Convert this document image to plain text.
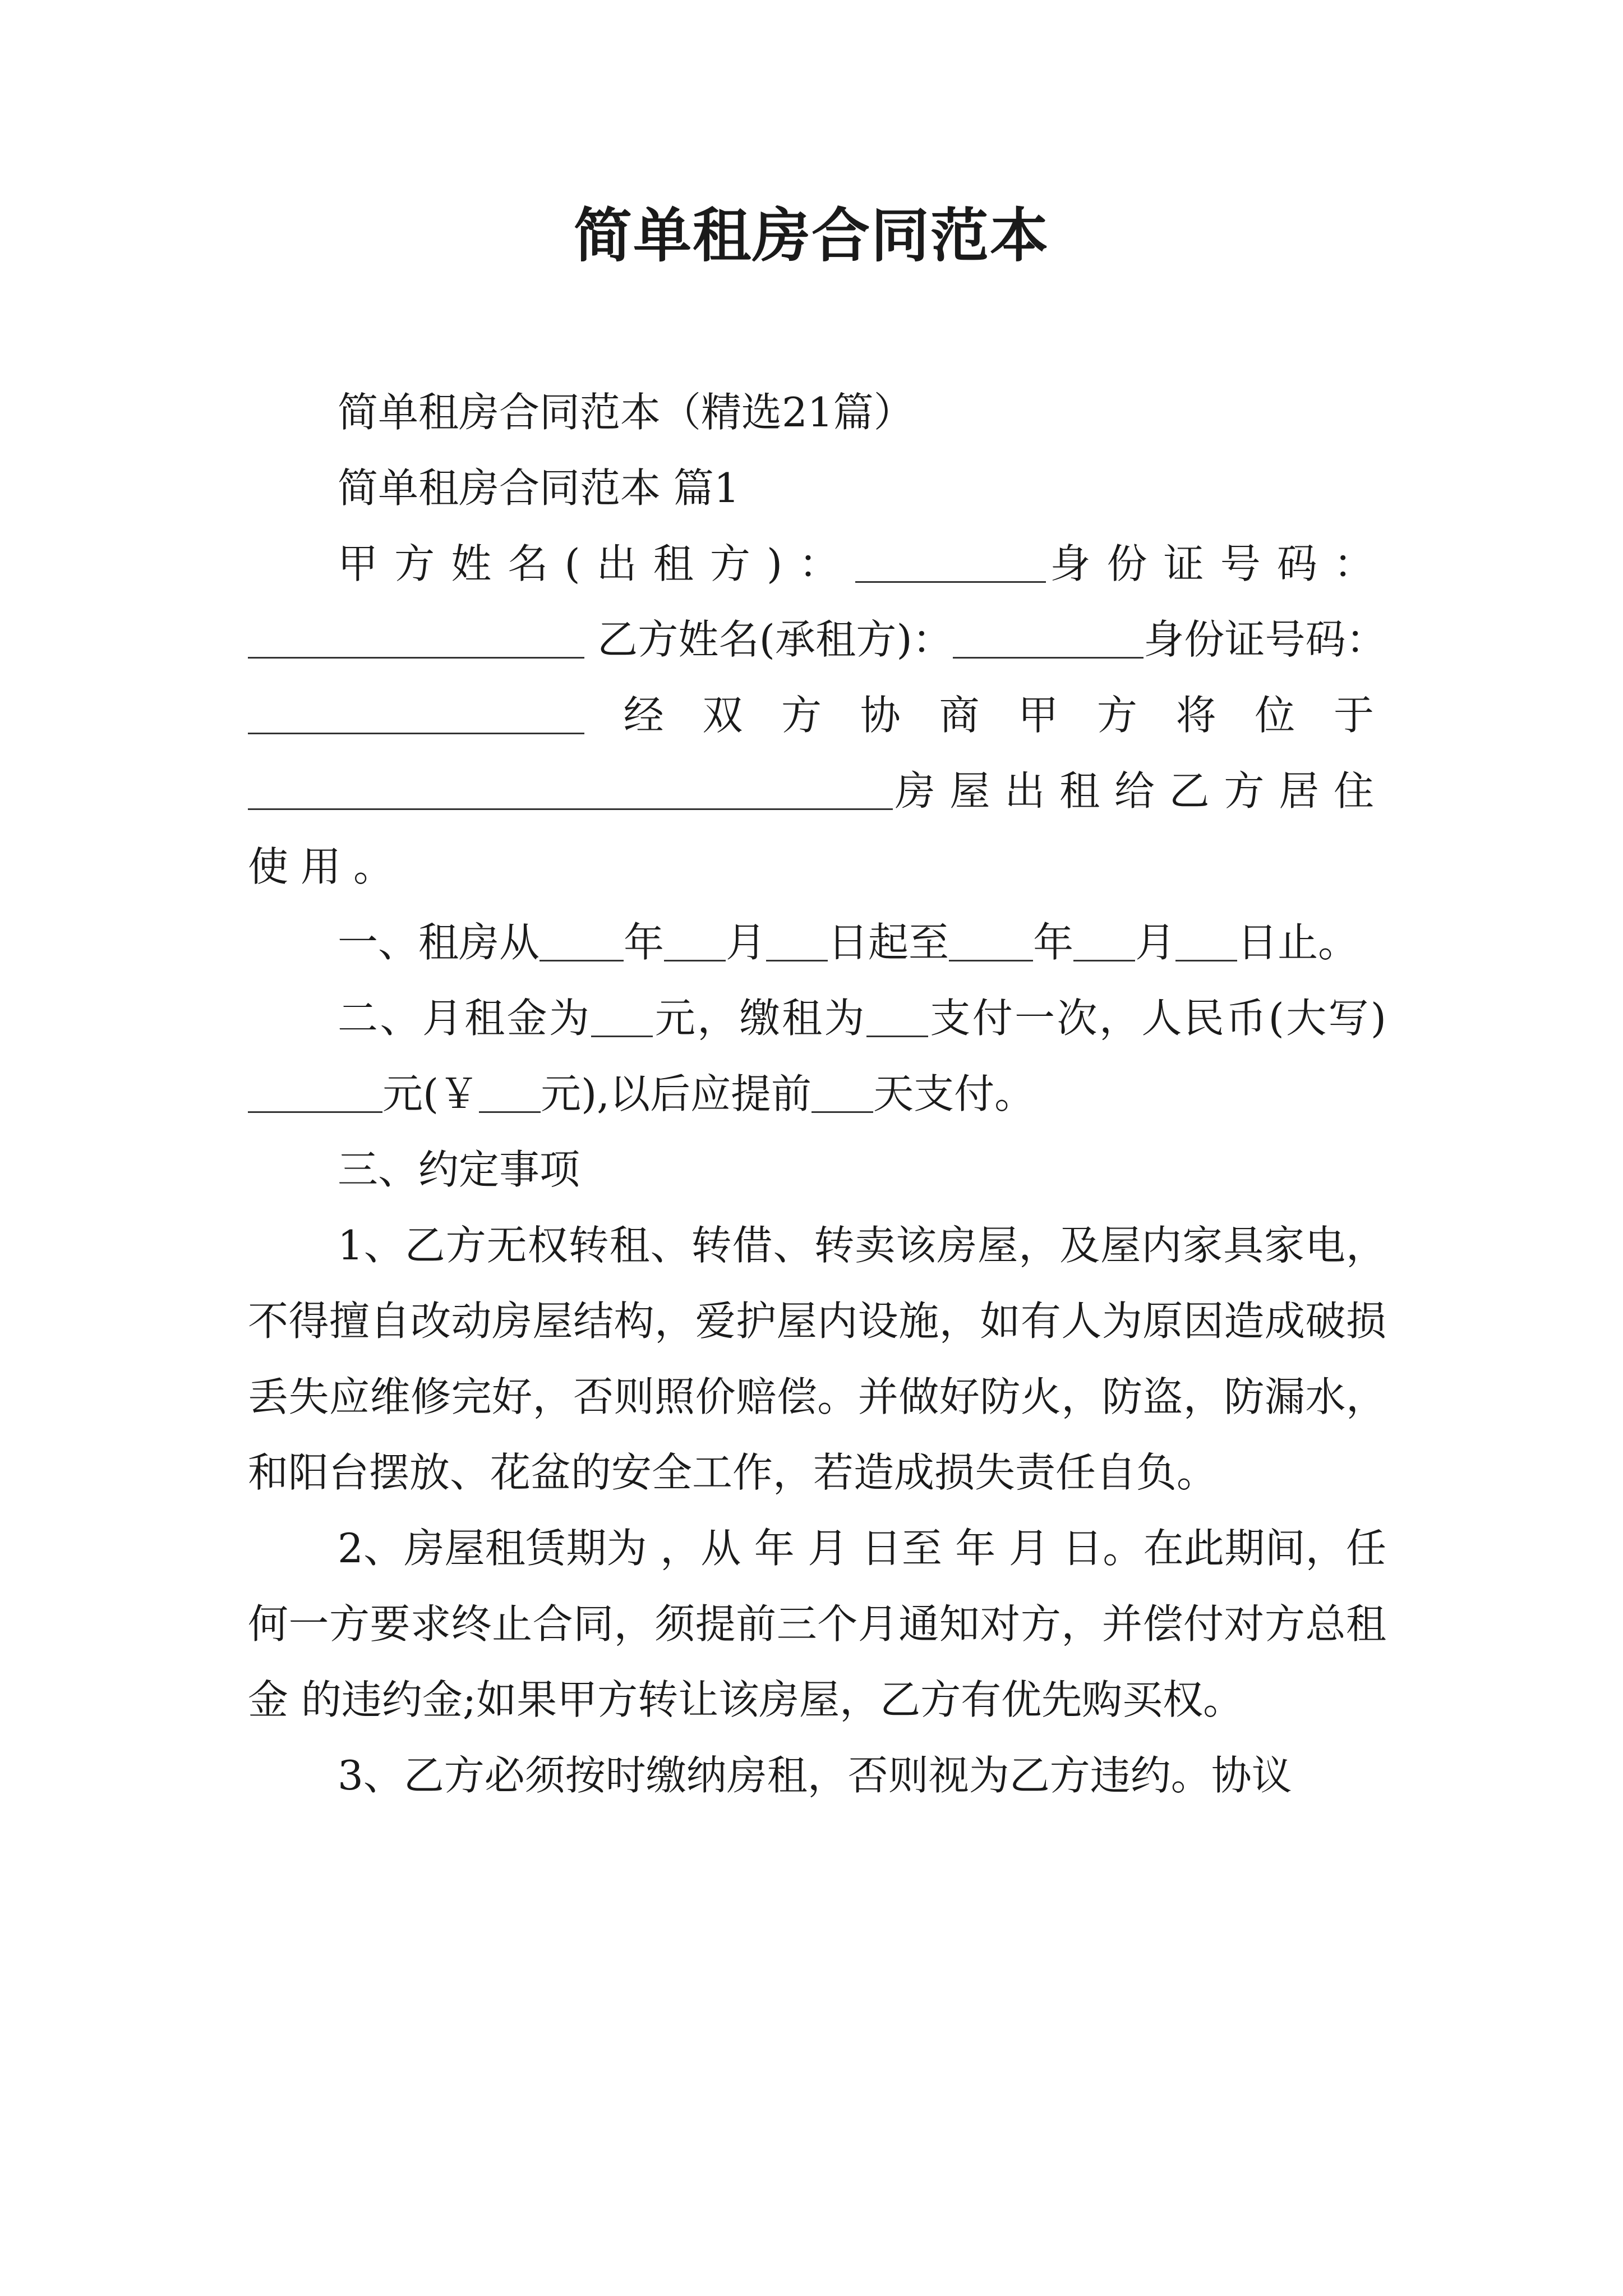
简单租房合同范本

简单租房合同范本（精选21篇）

简单租房合同范本 篇1

甲方姓名(出租方)：	身份证号码： 乙方姓名(承租方)：	身份证号码：  经双方协商甲方将位于房屋出租给乙方居住使用。

一、租房从 年 月 日起至 年 月 日止。

二、月租金为 元，缴租为 支付一次，人民币(大写)元(￥ 元),以后应提前 天支付。

三、约定事项

1、乙方无权转租、转借、转卖该房屋，及屋内家具家电，不得擅自改动房屋结构，爱护屋内设施，如有人为原因造成破损丢失应维修完好，否则照价赔偿。并做好防火，防盗，防漏水，和阳台摆放、花盆的安全工作，若造成损失责任自负。

2、房屋租赁期为 ，从 年 月 日至 年 月 日。在此期间，任何一方要求终止合同，须提前三个月通知对方，并偿付对方总租金 的违约金;如果甲方转让该房屋，乙方有优先购买权。

3、乙方必须按时缴纳房租，否则视为乙方违约。协议
